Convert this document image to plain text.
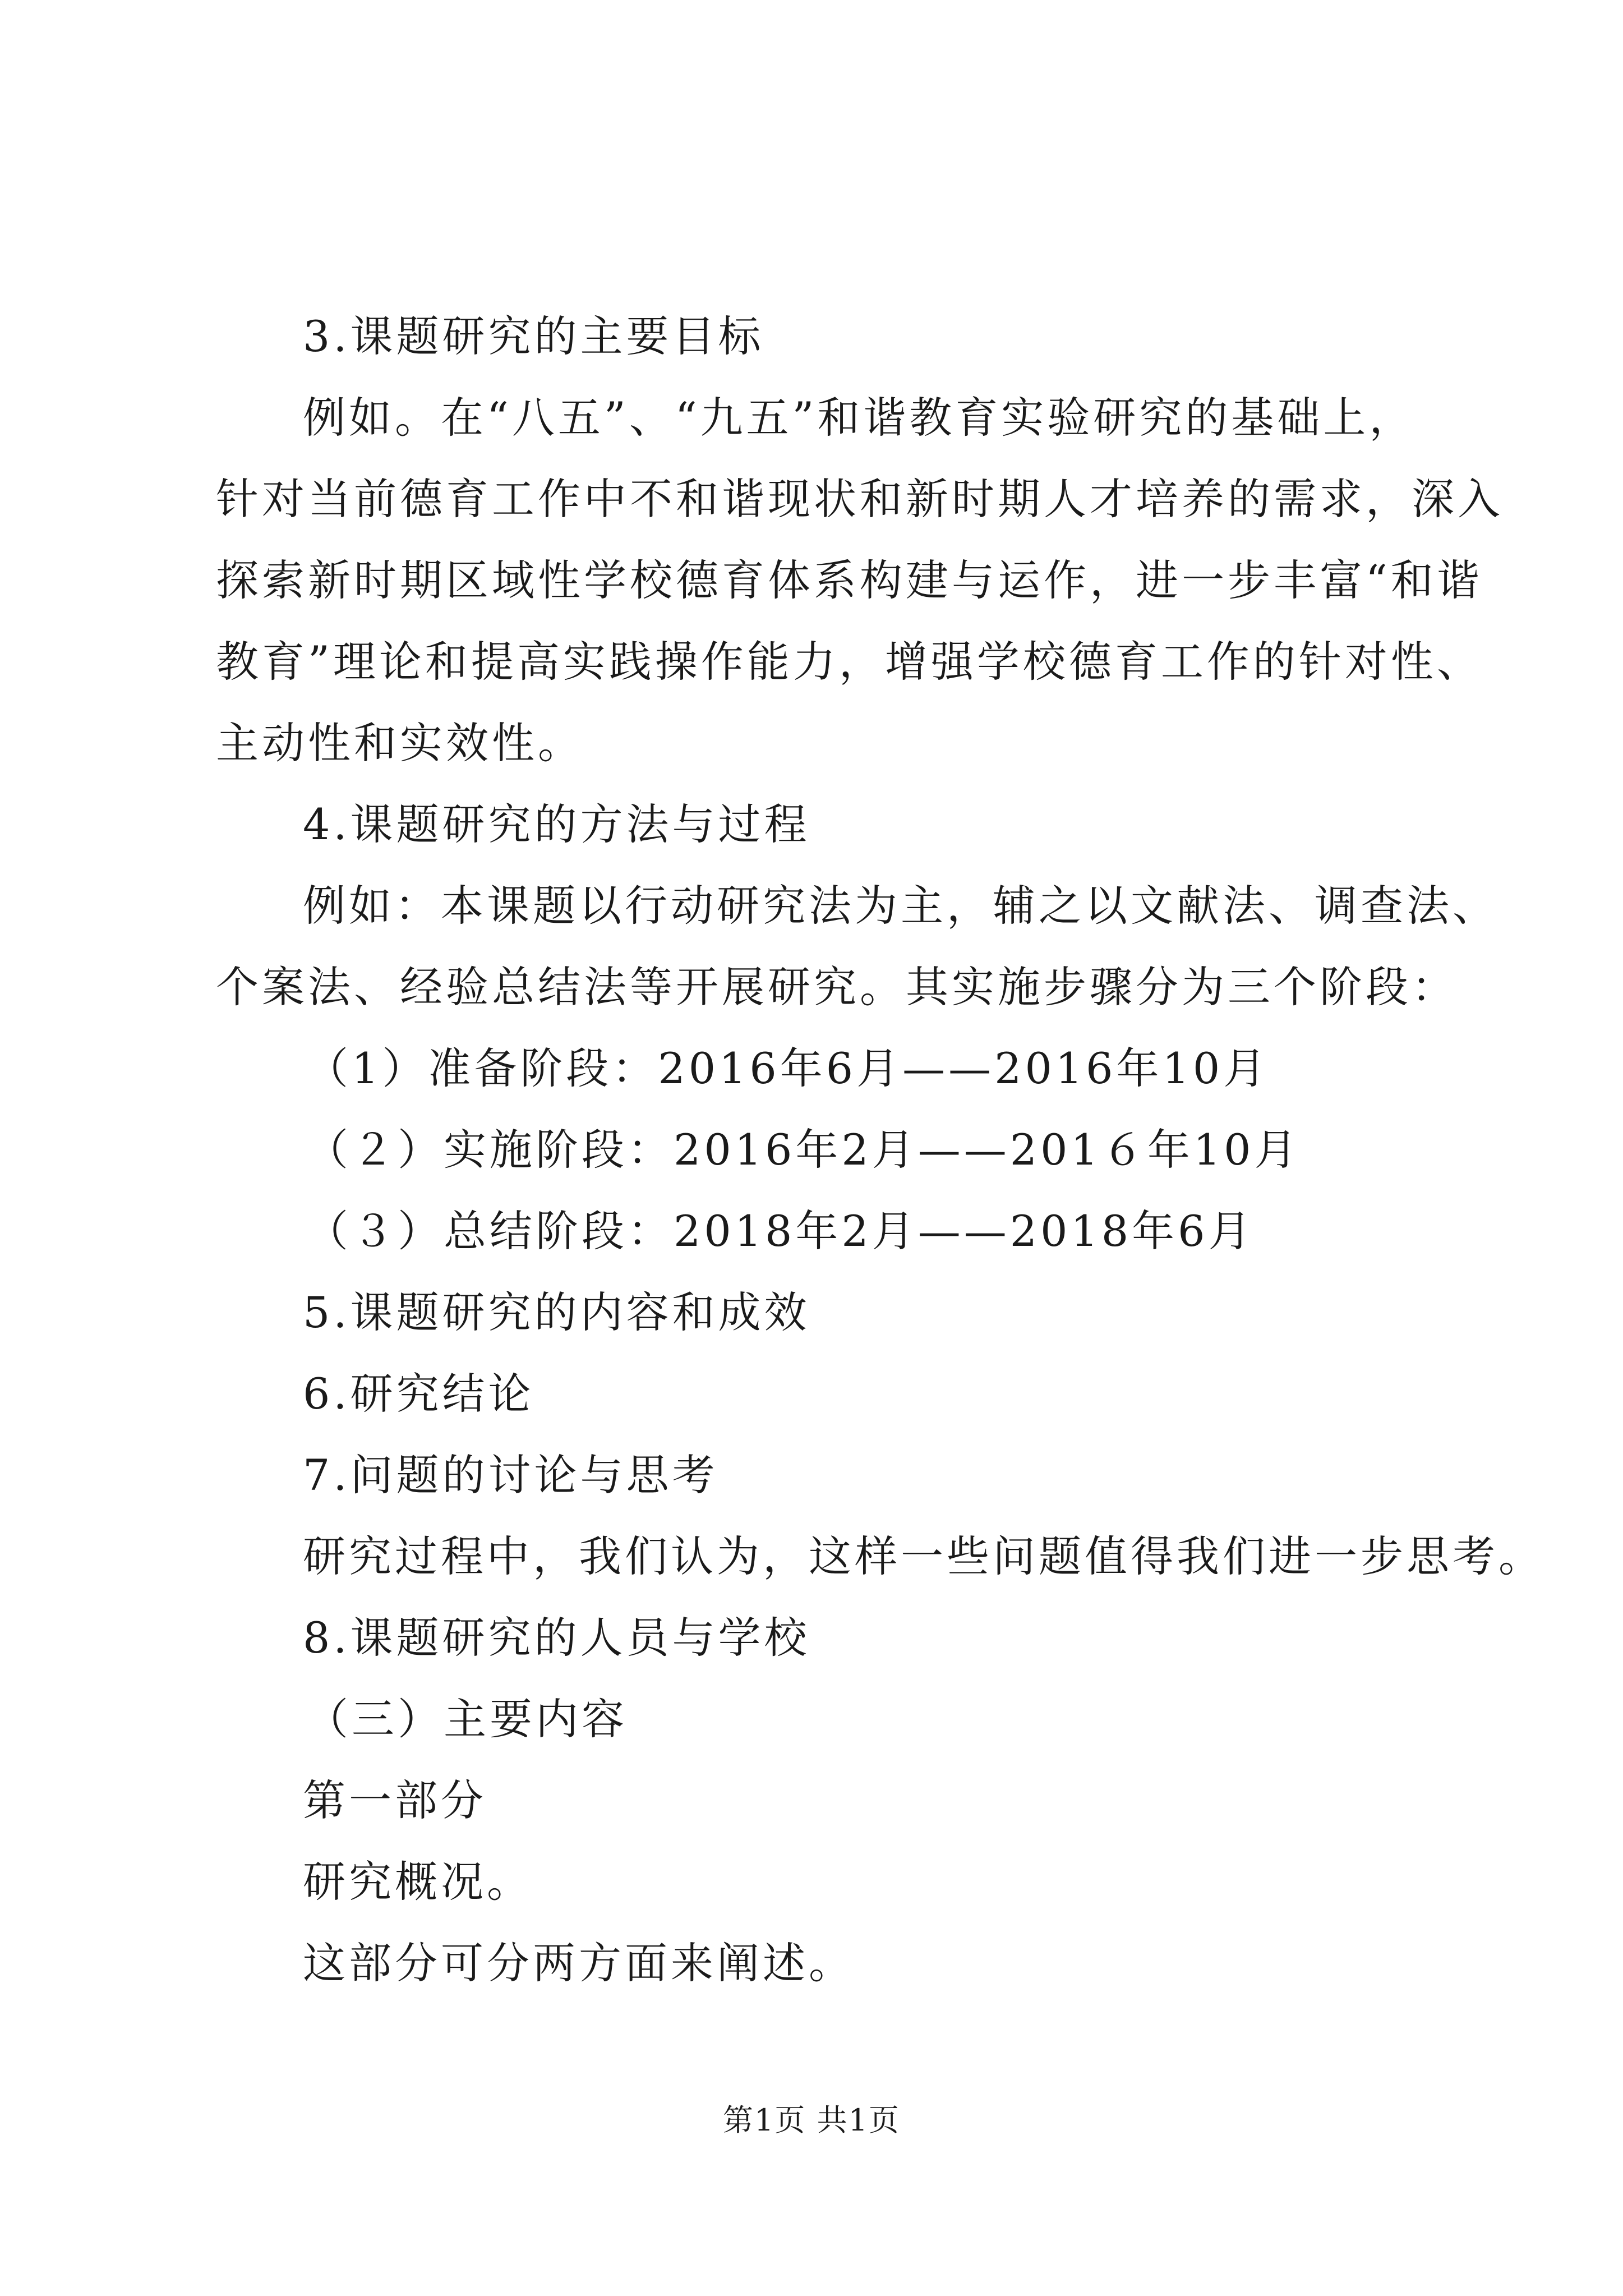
3.课题研究的主要目标
例如。在“八五”、“九五”和谐教育实验研究的基础上，
针对当前德育工作中不和谐现状和新时期人才培养的需求，深入
探索新时期区域性学校德育体系构建与运作，进一步丰富“和谐
教育”理论和提高实践操作能力，增强学校德育工作的针对性、
主动性和实效性。
4.课题研究的方法与过程
例如：本课题以行动研究法为主，辅之以文献法、调查法、
个案法、经验总结法等开展研究。其实施步骤分为三个阶段：
（1）准备阶段：2016年6月——2016年10月
（２）实施阶段：2016年2月——201６年10月
（３）总结阶段：2018年2月——2018年6月
5.课题研究的内容和成效
6.研究结论
7.问题的讨论与思考
研究过程中，我们认为，这样一些问题值得我们进一步思考。
8.课题研究的人员与学校
（三）主要内容
第一部分
研究概况。
这部分可分两方面来阐述。
第1页 共1页
